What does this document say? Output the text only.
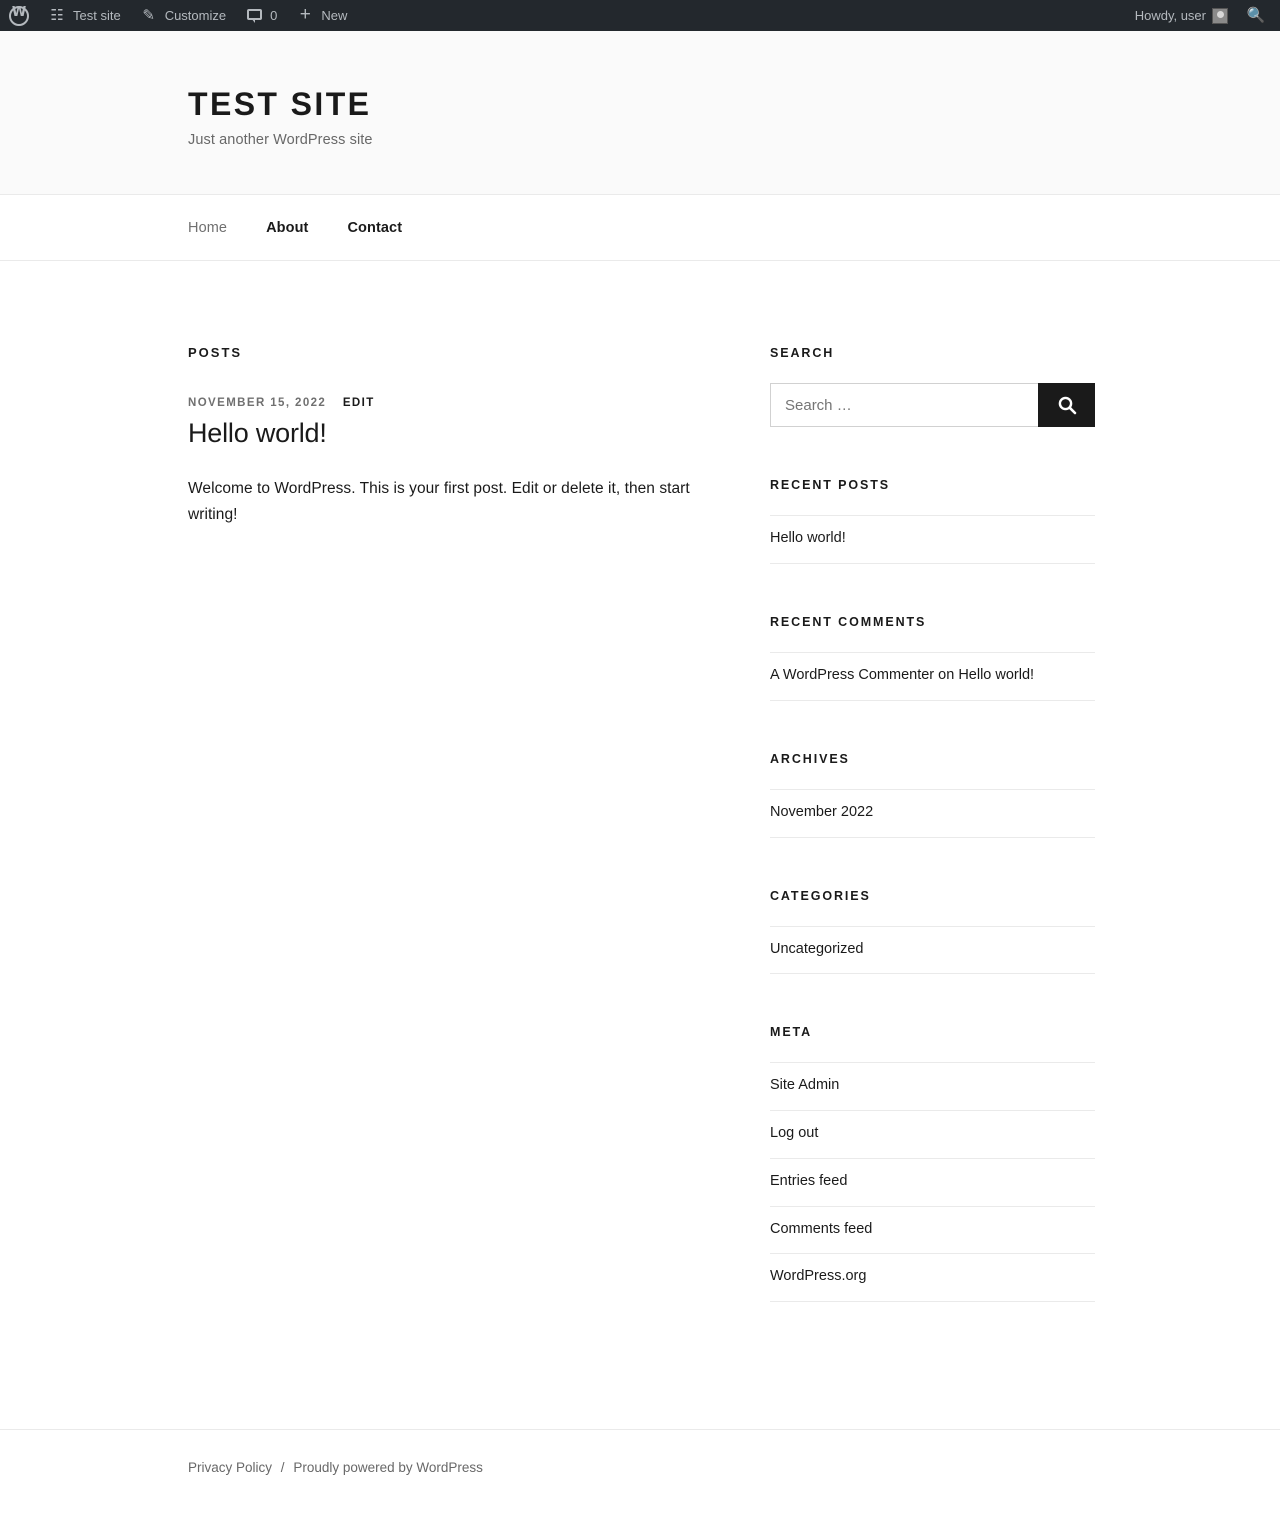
W
☷ Test site ✎ Customize	0 + New	Howdy, user	🔍
TEST SITE

Just another WordPress site

Home	About	Contact
POSTS
NOVEMBER 15, 2022 EDIT
Hello world!

Welcome to WordPress. This is your first post. Edit or delete it, then start writing!

SEARCH
Search …
RECENT POSTS
Hello world!
RECENT COMMENTS
A WordPress Commenter on Hello world!
ARCHIVES
November 2022
CATEGORIES
Uncategorized
META
Site Admin
Log out
Entries feed
Comments feed
WordPress.org
Privacy Policy / Proudly powered by WordPress
